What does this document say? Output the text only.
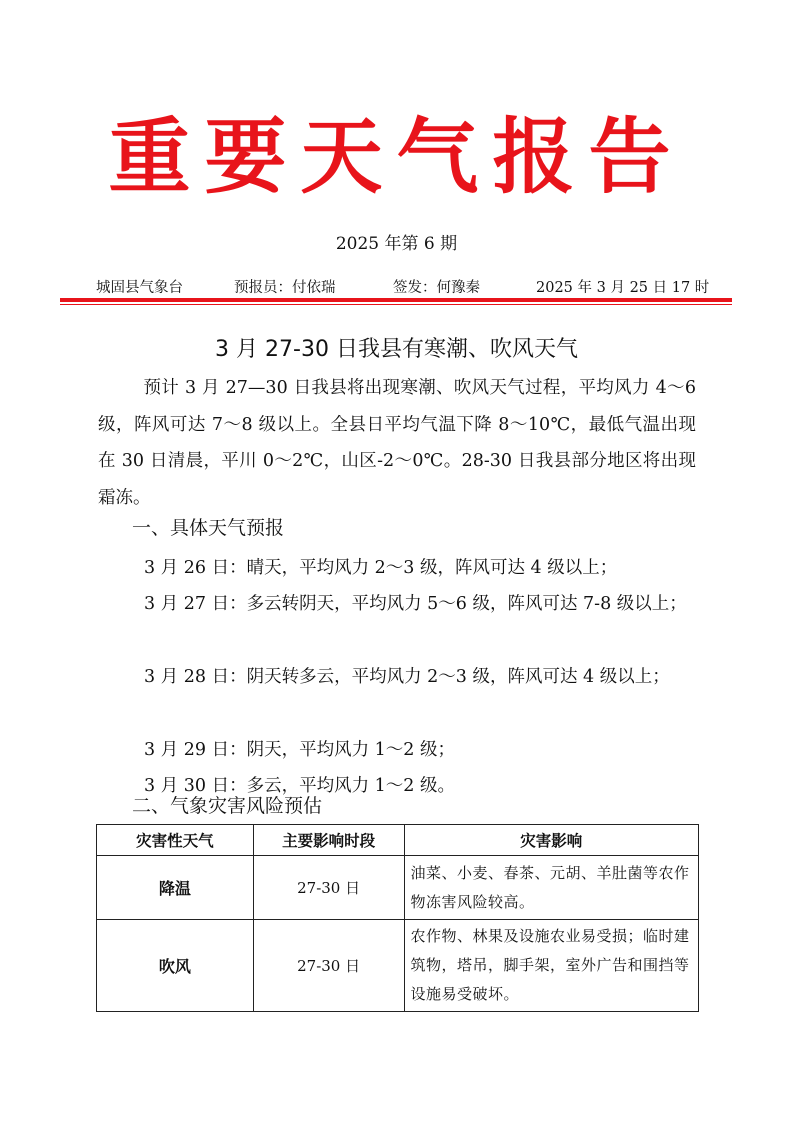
重要天气报告
2025 年第 6 期
城固县气象台	预报员：付依瑞	签发：何豫秦	2025 年 3 月 25 日 17 时
3 月 27-30 日我县有寒潮、吹风天气
预计 3 月 27—30 日我县将出现寒潮、吹风天气过程，平均风力 4～6 级，阵风可达 7～8 级以上。全县日平均气温下降 8～10℃，最低气温出现在 30 日清晨，平川 0～2℃，山区-2～0℃。28-30 日我县部分地区将出现霜冻。
一、具体天气预报
3 月 26 日：晴天，平均风力 2～3 级，阵风可达 4 级以上；
3 月 27 日：多云转阴天，平均风力 5～6 级，阵风可达 7-8 级以上；
3 月 28 日：阴天转多云，平均风力 2～3 级，阵风可达 4 级以上；
3 月 29 日：阴天，平均风力 1～2 级；
3 月 30 日：多云，平均风力 1～2 级。
二、气象灾害风险预估
灾害性天气	主要影响时段	灾害影响
降温	27-30 日	油菜、小麦、春茶、元胡、羊肚菌等农作物冻害风险较高。
吹风	27-30 日	农作物、林果及设施农业易受损；临时建筑物，塔吊，脚手架，室外广告和围挡等设施易受破坏。
